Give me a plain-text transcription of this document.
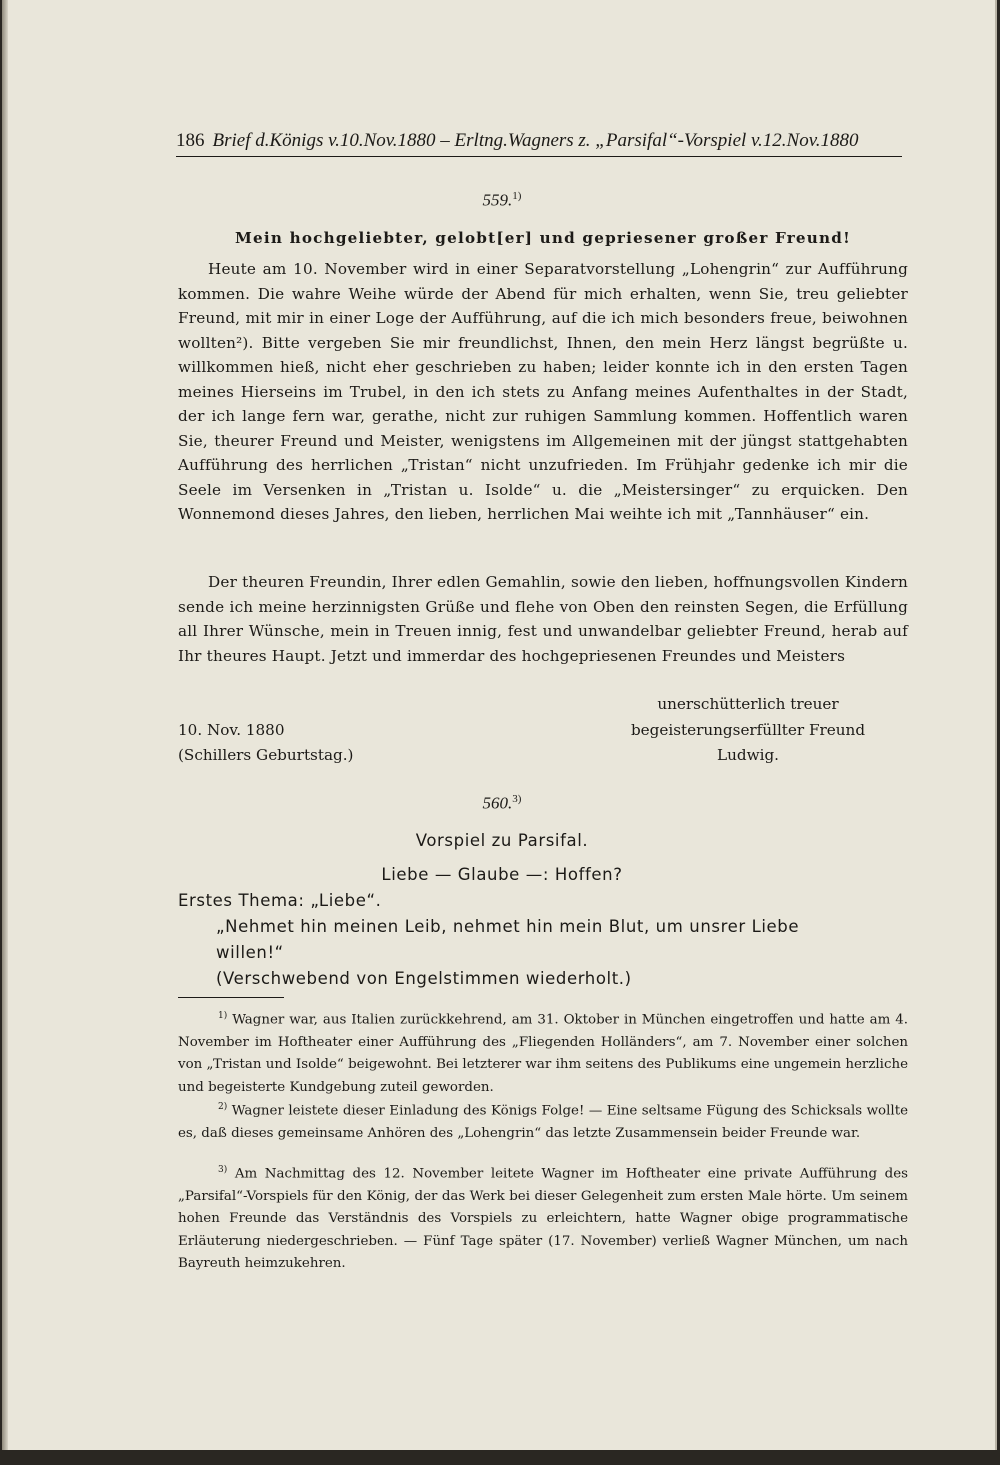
186 Brief d.Königs v.10.Nov.1880 – Erltng.Wagners z. „Parsifal“-Vorspiel v.12.Nov.1880
559.$^{1)}$
Mein hochgeliebter, gelobt[er] und gepriesener großer Freund!
Heute am 10. November wird in einer Separatvorstellung „Lohengrin“ zur Aufführung kommen. Die wahre Weihe würde der Abend für mich erhalten, wenn Sie, treu geliebter Freund, mit mir in einer Loge der Aufführung, auf die ich mich besonders freue, beiwohnen wollten²). Bitte vergeben Sie mir freundlichst, Ihnen, den mein Herz längst begrüßte u. willkommen hieß, nicht eher geschrieben zu haben; leider konnte ich in den ersten Tagen meines Hierseins im Trubel, in den ich stets zu Anfang meines Aufenthaltes in der Stadt, der ich lange fern war, gerathe, nicht zur ruhigen Sammlung kommen. Hoffentlich waren Sie, theurer Freund und Meister, wenigstens im Allgemeinen mit der jüngst stattgehabten Aufführung des herrlichen „Tristan“ nicht unzufrieden. Im Frühjahr gedenke ich mir die Seele im Versenken in „Tristan u. Isolde“ u. die „Meistersinger“ zu erquicken. Den Wonnemond dieses Jahres, den lieben, herrlichen Mai weihte ich mit „Tannhäuser“ ein.
Der theuren Freundin, Ihrer edlen Gemahlin, sowie den lieben, hoffnungsvollen Kindern sende ich meine herzinnigsten Grüße und flehe von Oben den reinsten Segen, die Erfüllung all Ihrer Wünsche, mein in Treuen innig, fest und unwandelbar geliebter Freund, herab auf Ihr theures Haupt. Jetzt und immerdar des hochgepriesenen Freundes und Meisters
unerschütterlich treuer
10. Nov. 1880	begeisterungserfüllter Freund
(Schillers Geburtstag.)	Ludwig.
560.$^{3)}$
Vorspiel zu Parsifal.
Liebe — Glaube —: Hoffen?
Erstes Thema: „Liebe“.
„Nehmet hin meinen Leib, nehmet hin mein Blut, um unsrer Liebe
willen!“
(Verschwebend von Engelstimmen wiederholt.)
$^{1)}$ Wagner war, aus Italien zurückkehrend, am 31. Oktober in München eingetroffen und hatte am 4. November im Hoftheater einer Aufführung des „Fliegenden Holländers“, am 7. November einer solchen von „Tristan und Isolde“ beigewohnt. Bei letzterer war ihm seitens des Publikums eine ungemein herzliche und begeisterte Kundgebung zuteil geworden.
$^{2)}$ Wagner leistete dieser Einladung des Königs Folge! — Eine seltsame Fügung des Schicksals wollte es, daß dieses gemeinsame Anhören des „Lohengrin“ das letzte Zusammensein beider Freunde war.
$^{3)}$ Am Nachmittag des 12. November leitete Wagner im Hoftheater eine private Aufführung des „Parsifal“-Vorspiels für den König, der das Werk bei dieser Gelegenheit zum ersten Male hörte. Um seinem hohen Freunde das Verständnis des Vorspiels zu erleichtern, hatte Wagner obige programmatische Erläuterung niedergeschrieben. — Fünf Tage später (17. November) verließ Wagner München, um nach Bayreuth heimzukehren.
